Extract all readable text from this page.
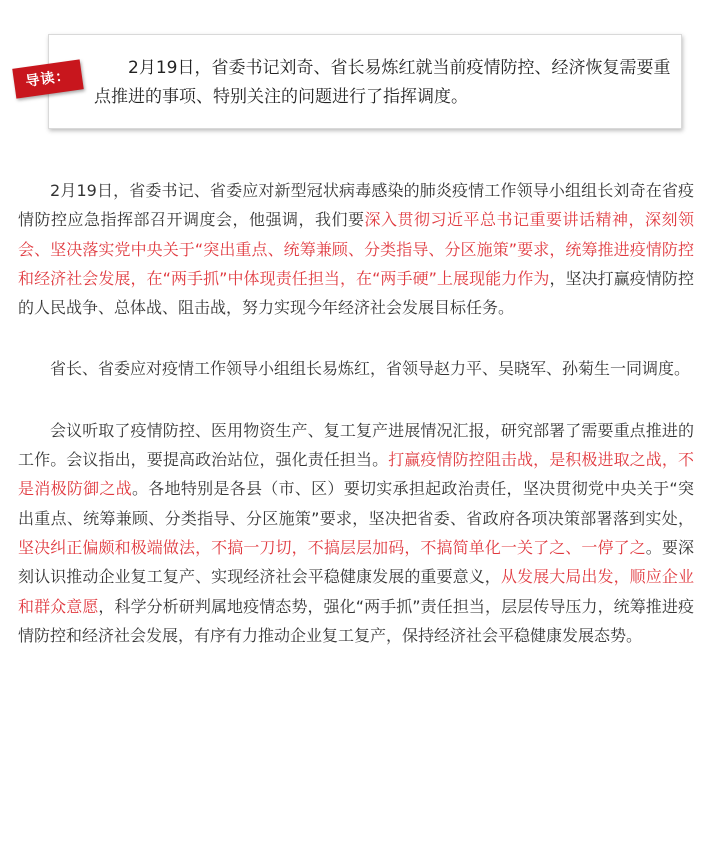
2月19日，省委书记刘奇、省长易炼红就当前疫情防控、经济恢复需要重点推进的事项、特别关注的问题进行了指挥调度。
导读：

2月19日，省委书记、省委应对新型冠状病毒感染的肺炎疫情工作领导小组组长刘奇在省疫情防控应急指挥部召开调度会，他强调，我们要深入贯彻习近平总书记重要讲话精神，深刻领会、坚决落实党中央关于“突出重点、统筹兼顾、分类指导、分区施策”要求，统筹推进疫情防控和经济社会发展，在“两手抓”中体现责任担当，在“两手硬”上展现能力作为，坚决打赢疫情防控的人民战争、总体战、阻击战，努力实现今年经济社会发展目标任务。

省长、省委应对疫情工作领导小组组长易炼红，省领导赵力平、吴晓军、孙菊生一同调度。

会议听取了疫情防控、医用物资生产、复工复产进展情况汇报，研究部署了需要重点推进的工作。会议指出，要提高政治站位，强化责任担当。打赢疫情防控阻击战，是积极进取之战，不是消极防御之战。各地特别是各县（市、区）要切实承担起政治责任，坚决贯彻党中央关于“突出重点、统筹兼顾、分类指导、分区施策”要求，坚决把省委、省政府各项决策部署落到实处，坚决纠正偏颇和极端做法，不搞一刀切，不搞层层加码，不搞简单化一关了之、一停了之。要深刻认识推动企业复工复产、实现经济社会平稳健康发展的重要意义，从发展大局出发，顺应企业和群众意愿，科学分析研判属地疫情态势，强化“两手抓”责任担当，层层传导压力，统筹推进疫情防控和经济社会发展，有序有力推动企业复工复产，保持经济社会平稳健康发展态势。
